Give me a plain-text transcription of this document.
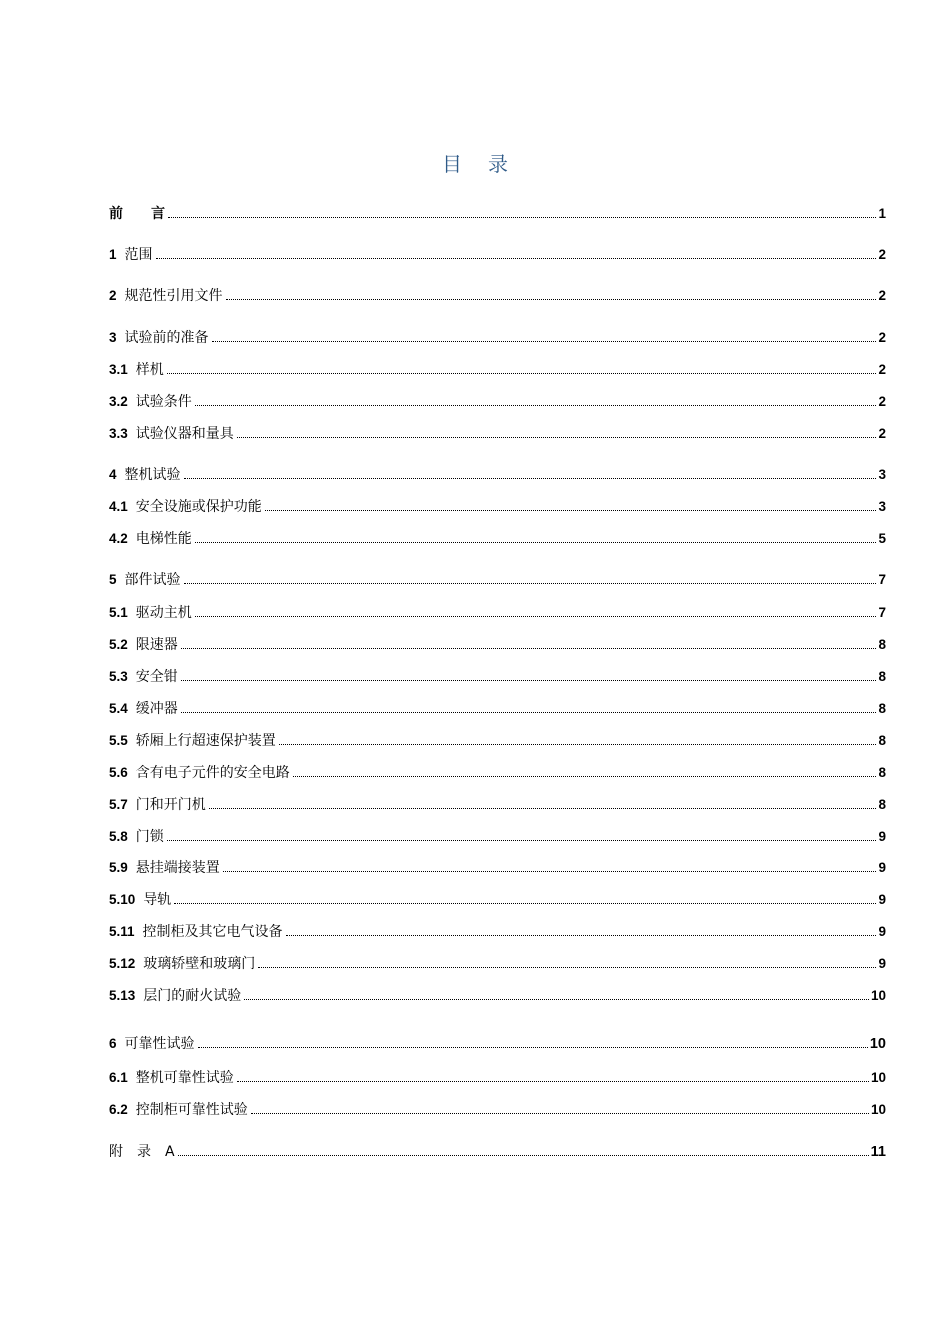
目 录
前　　言	1
1 范围	2
2 规范性引用文件	2
3 试验前的准备	2
3.1 样机	2
3.2 试验条件	2
3.3 试验仪器和量具	2
4 整机试验	3
4.1 安全设施或保护功能	3
4.2 电梯性能	5
5 部件试验	7
5.1 驱动主机	7
5.2 限速器	8
5.3 安全钳	8
5.4 缓冲器	8
5.5 轿厢上行超速保护装置	8
5.6 含有电子元件的安全电路	8
5.7 门和开门机	8
5.8 门锁	9
5.9 悬挂端接装置	9
5.10 导轨	9
5.11 控制柜及其它电气设备	9
5.12 玻璃轿壁和玻璃门	9
5.13 层门的耐火试验	10
6 可靠性试验	10
6.1 整机可靠性试验	10
6.2 控制柜可靠性试验	10
附　录　A	11
